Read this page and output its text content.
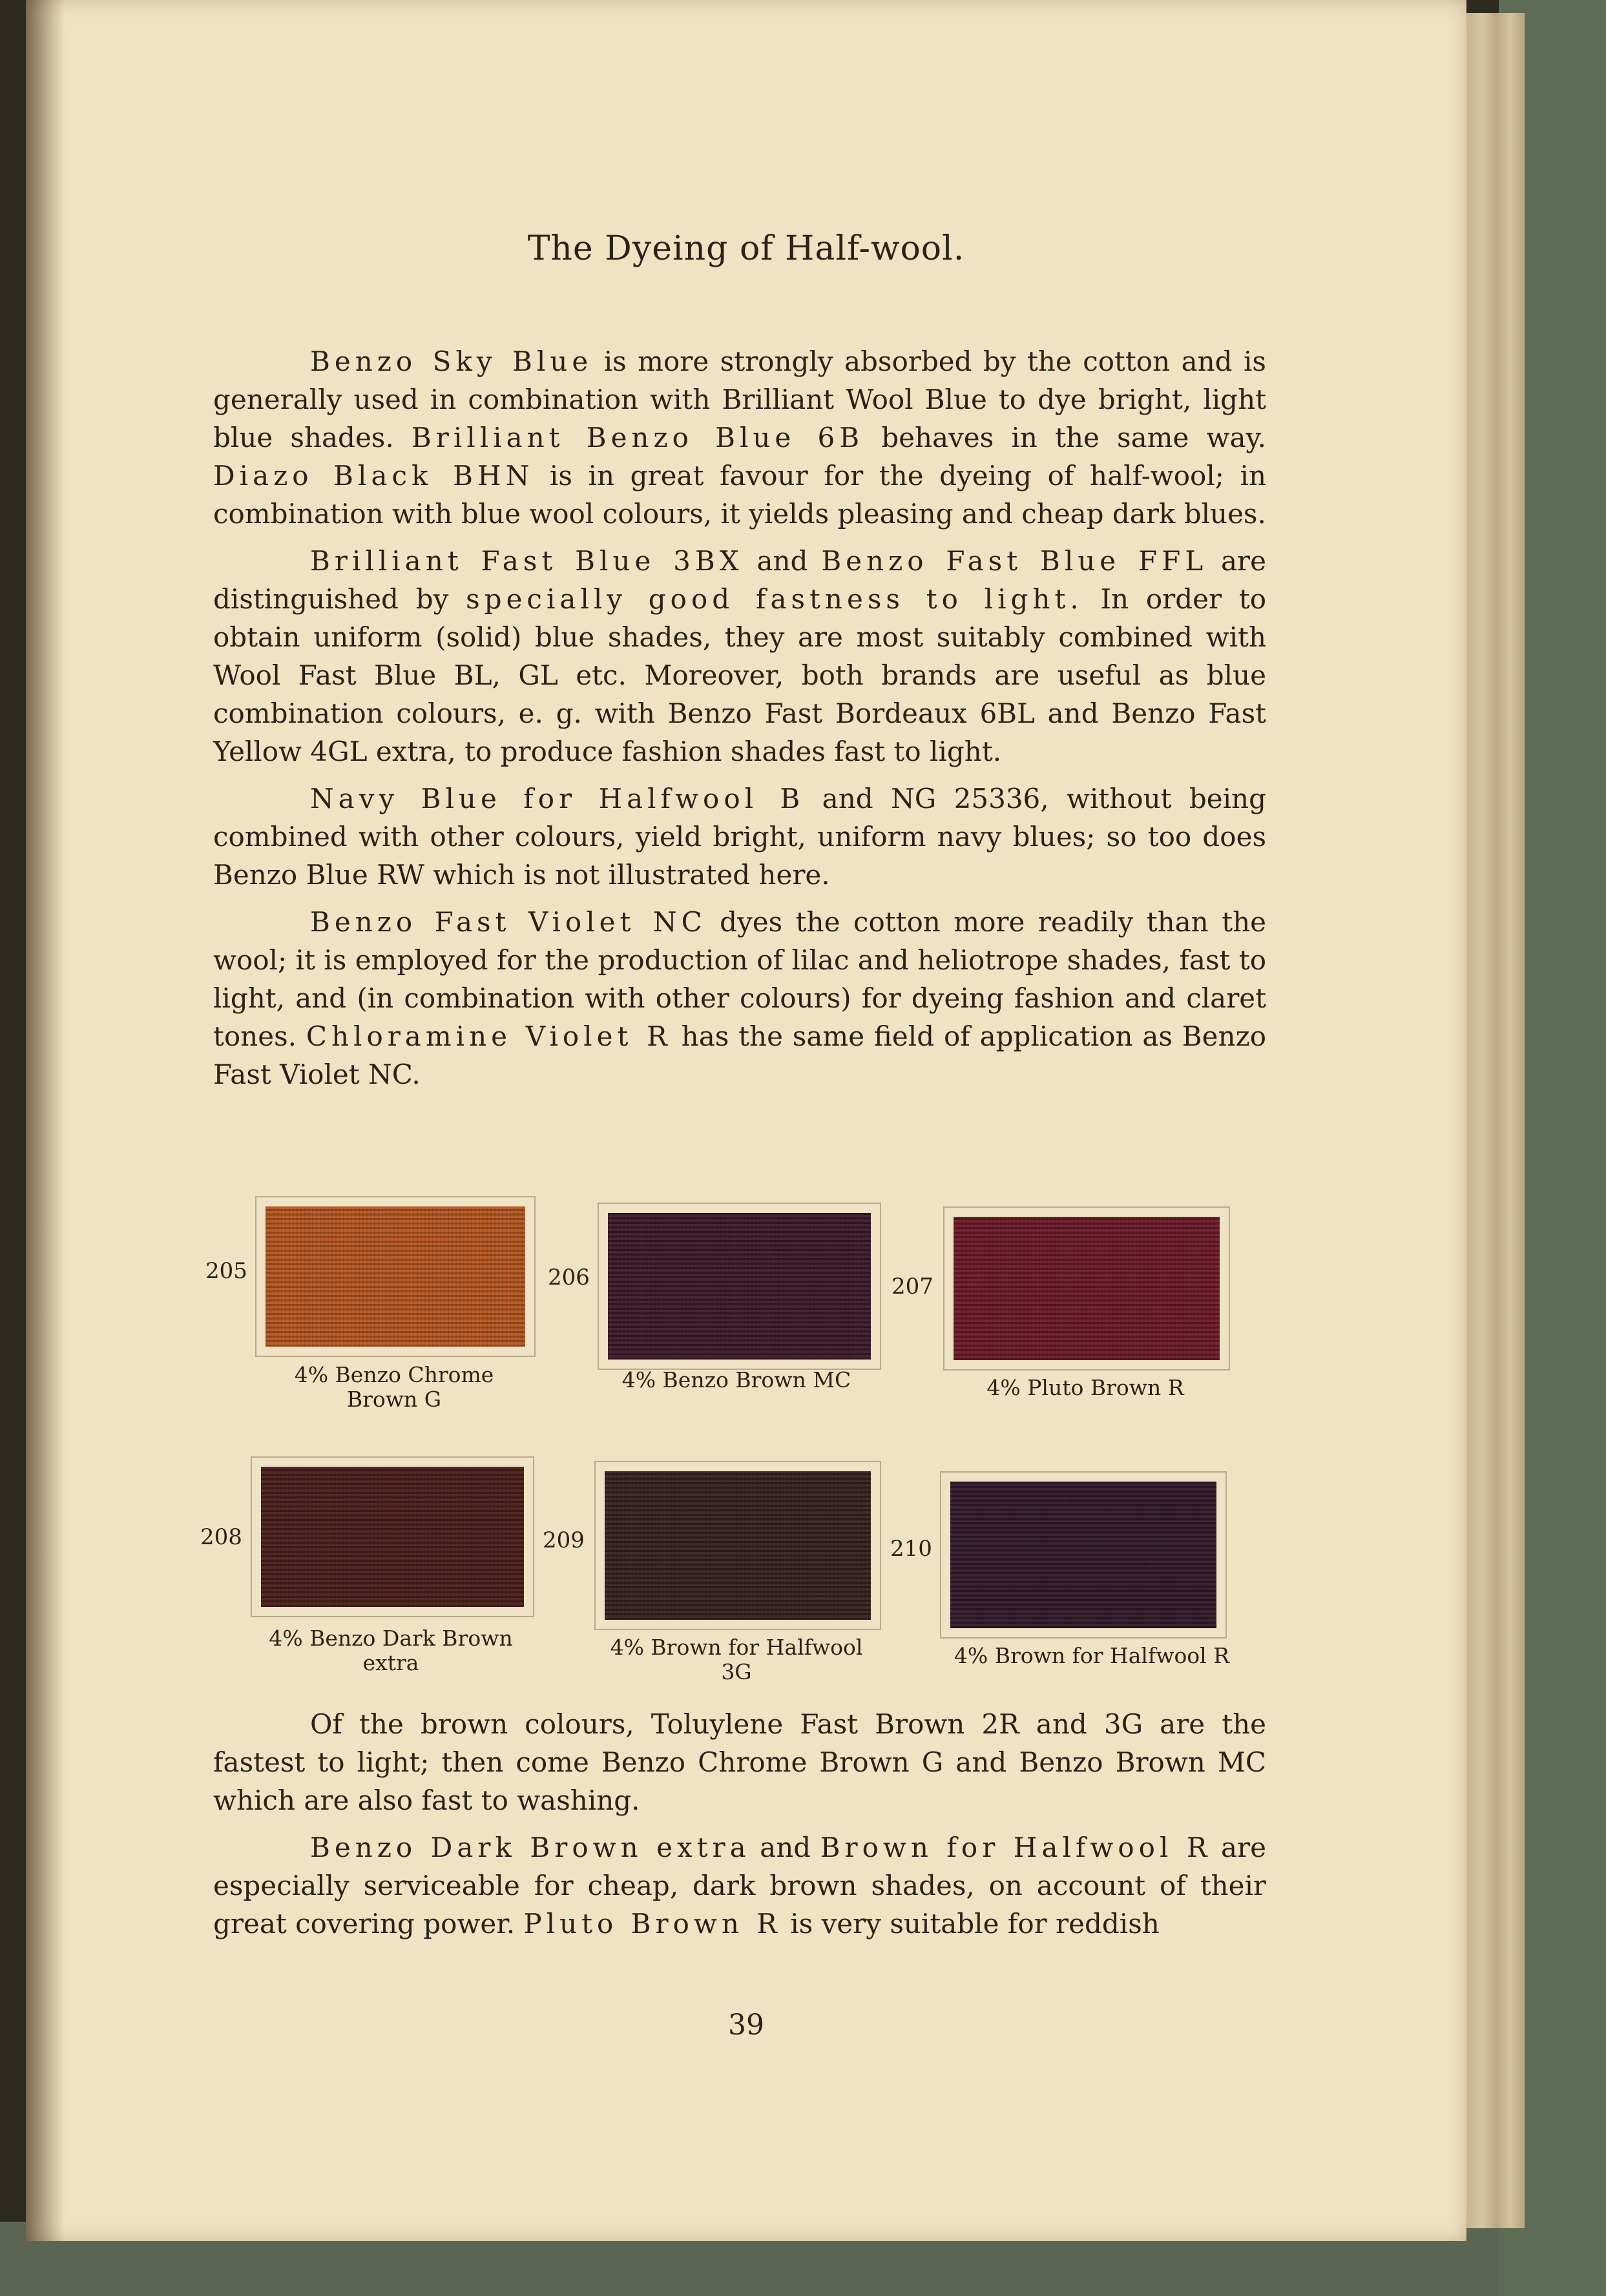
The Dyeing of Half-wool.

Benzo Sky Blue is more strongly absorbed by the cotton and is generally used in combination with Brilliant Wool Blue to dye bright, light blue shades. Brilliant Benzo Blue 6B behaves in the same way. Diazo Black BHN is in great favour for the dyeing of half-wool; in combination with blue wool colours, it yields pleasing and cheap dark blues.

Brilliant Fast Blue 3BX and Benzo Fast Blue FFL are distinguished by specially good fastness to light. In order to obtain uniform (solid) blue shades, they are most suitably combined with Wool Fast Blue BL, GL etc. Moreover, both brands are useful as blue combination colours, e. g. with Benzo Fast Bordeaux 6BL and Benzo Fast Yellow 4GL extra, to produce fashion shades fast to light.

Navy Blue for Halfwool B and NG 25336, without being combined with other colours, yield bright, uniform navy blues; so too does Benzo Blue RW which is not illustrated here.

Benzo Fast Violet NC dyes the cotton more readily than the wool; it is employed for the production of lilac and heliotrope shades, fast to light, and (in combination with other colours) for dyeing fashion and claret tones. Chloramine Violet R has the same field of application as Benzo Fast Violet NC.

205
4% Benzo Chrome
Brown G
206
4% Benzo Brown MC
207
4% Pluto Brown R
208
4% Benzo Dark Brown
extra
209
4% Brown for Halfwool
3G
210
4% Brown for Halfwool R

Of the brown colours, Toluylene Fast Brown 2R and 3G are the fastest to light; then come Benzo Chrome Brown G and Benzo Brown MC which are also fast to washing.

Benzo Dark Brown extra and Brown for Halfwool R are especially serviceable for cheap, dark brown shades, on account of their great covering power. Pluto Brown R is very suitable for reddish

39
